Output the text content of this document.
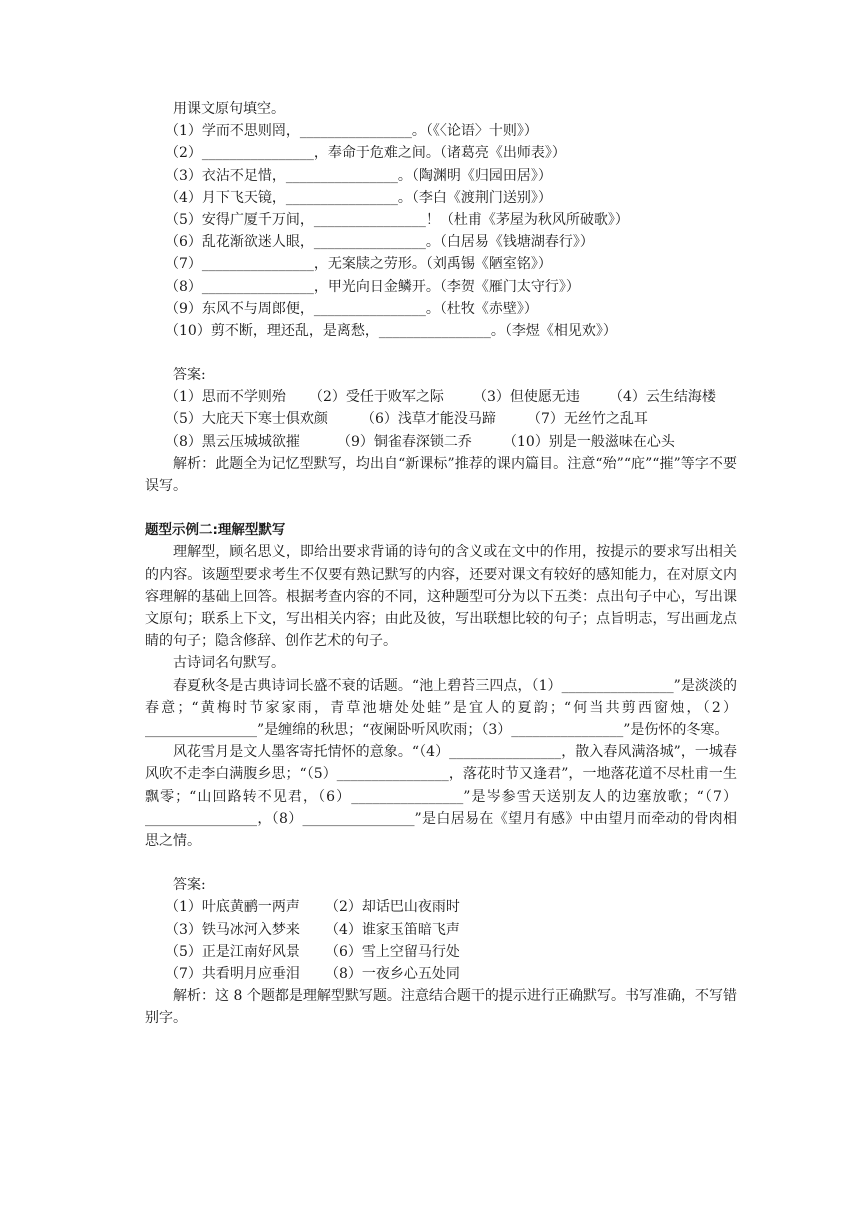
用课文原句填空。
（1）学而不思则罔，________________。（《〈论语〉十则》）
（2）________________，奉命于危难之间。（诸葛亮《出师表》）
（3）衣沾不足惜，________________。（陶渊明《归园田居》）
（4）月下飞天镜，________________。（李白《渡荆门送别》）
（5）安得广厦千万间，________________！（杜甫《茅屋为秋风所破歌》）
（6）乱花渐欲迷人眼，________________。（白居易《钱塘湖春行》）
（7）________________，无案牍之劳形。（刘禹锡《陋室铭》）
（8）________________，甲光向日金鳞开。（李贺《雁门太守行》）
（9）东风不与周郎便，________________。（杜牧《赤壁》）
（10）剪不断，理还乱，是离愁，________________。（李煜《相见欢》）
答案:
（1）思而不学则殆 （2）受任于败军之际 （3）但使愿无违 （4）云生结海楼
（5）大庇天下寒士俱欢颜 （6）浅草才能没马蹄 （7）无丝竹之乱耳
（8）黑云压城城欲摧	（9）铜雀春深锁二乔 （10）别是一般滋味在心头
解析：此题全为记忆型默写，均出自“新课标”推荐的课内篇目。注意“殆”“庇”“摧”等字不要误写。
题型示例二:理解型默写
理解型，顾名思义，即给出要求背诵的诗句的含义或在文中的作用，按提示的要求写出相关的内容。该题型要求考生不仅要有熟记默写的内容，还要对课文有较好的感知能力，在对原文内容理解的基础上回答。根据考查内容的不同，这种题型可分为以下五类：点出句子中心，写出课文原句；联系上下文，写出相关内容；由此及彼，写出联想比较的句子；点旨明志，写出画龙点睛的句子；隐含修辞、创作艺术的句子。
古诗词名句默写。
春夏秋冬是古典诗词长盛不衰的话题。“池上碧苔三四点，（1）________________”是淡淡的春意；“黄梅时节家家雨，青草池塘处处蛙”是宜人的夏韵；“何当共剪西窗烛，（2）________________”是缠绵的秋思；“夜阑卧听风吹雨；（3）________________”是伤怀的冬寒。
风花雪月是文人墨客寄托情怀的意象。“（4）________________，散入春风满洛城”，一城春风吹不走李白满腹乡思；“（5）________________，落花时节又逢君”，一地落花道不尽杜甫一生飘零；“山回路转不见君，（6）________________”是岑参雪天送别友人的边塞放歌；“（7）________________，（8）________________”是白居易在《望月有感》中由望月而牵动的骨肉相思之情。
答案:
（1）叶底黄鹂一两声 （2）却话巴山夜雨时
（3）铁马冰河入梦来 （4）谁家玉笛暗飞声
（5）正是江南好风景 （6）雪上空留马行处
（7）共看明月应垂泪 （8）一夜乡心五处同
解析：这 8 个题都是理解型默写题。注意结合题干的提示进行正确默写。书写准确，不写错别字。
